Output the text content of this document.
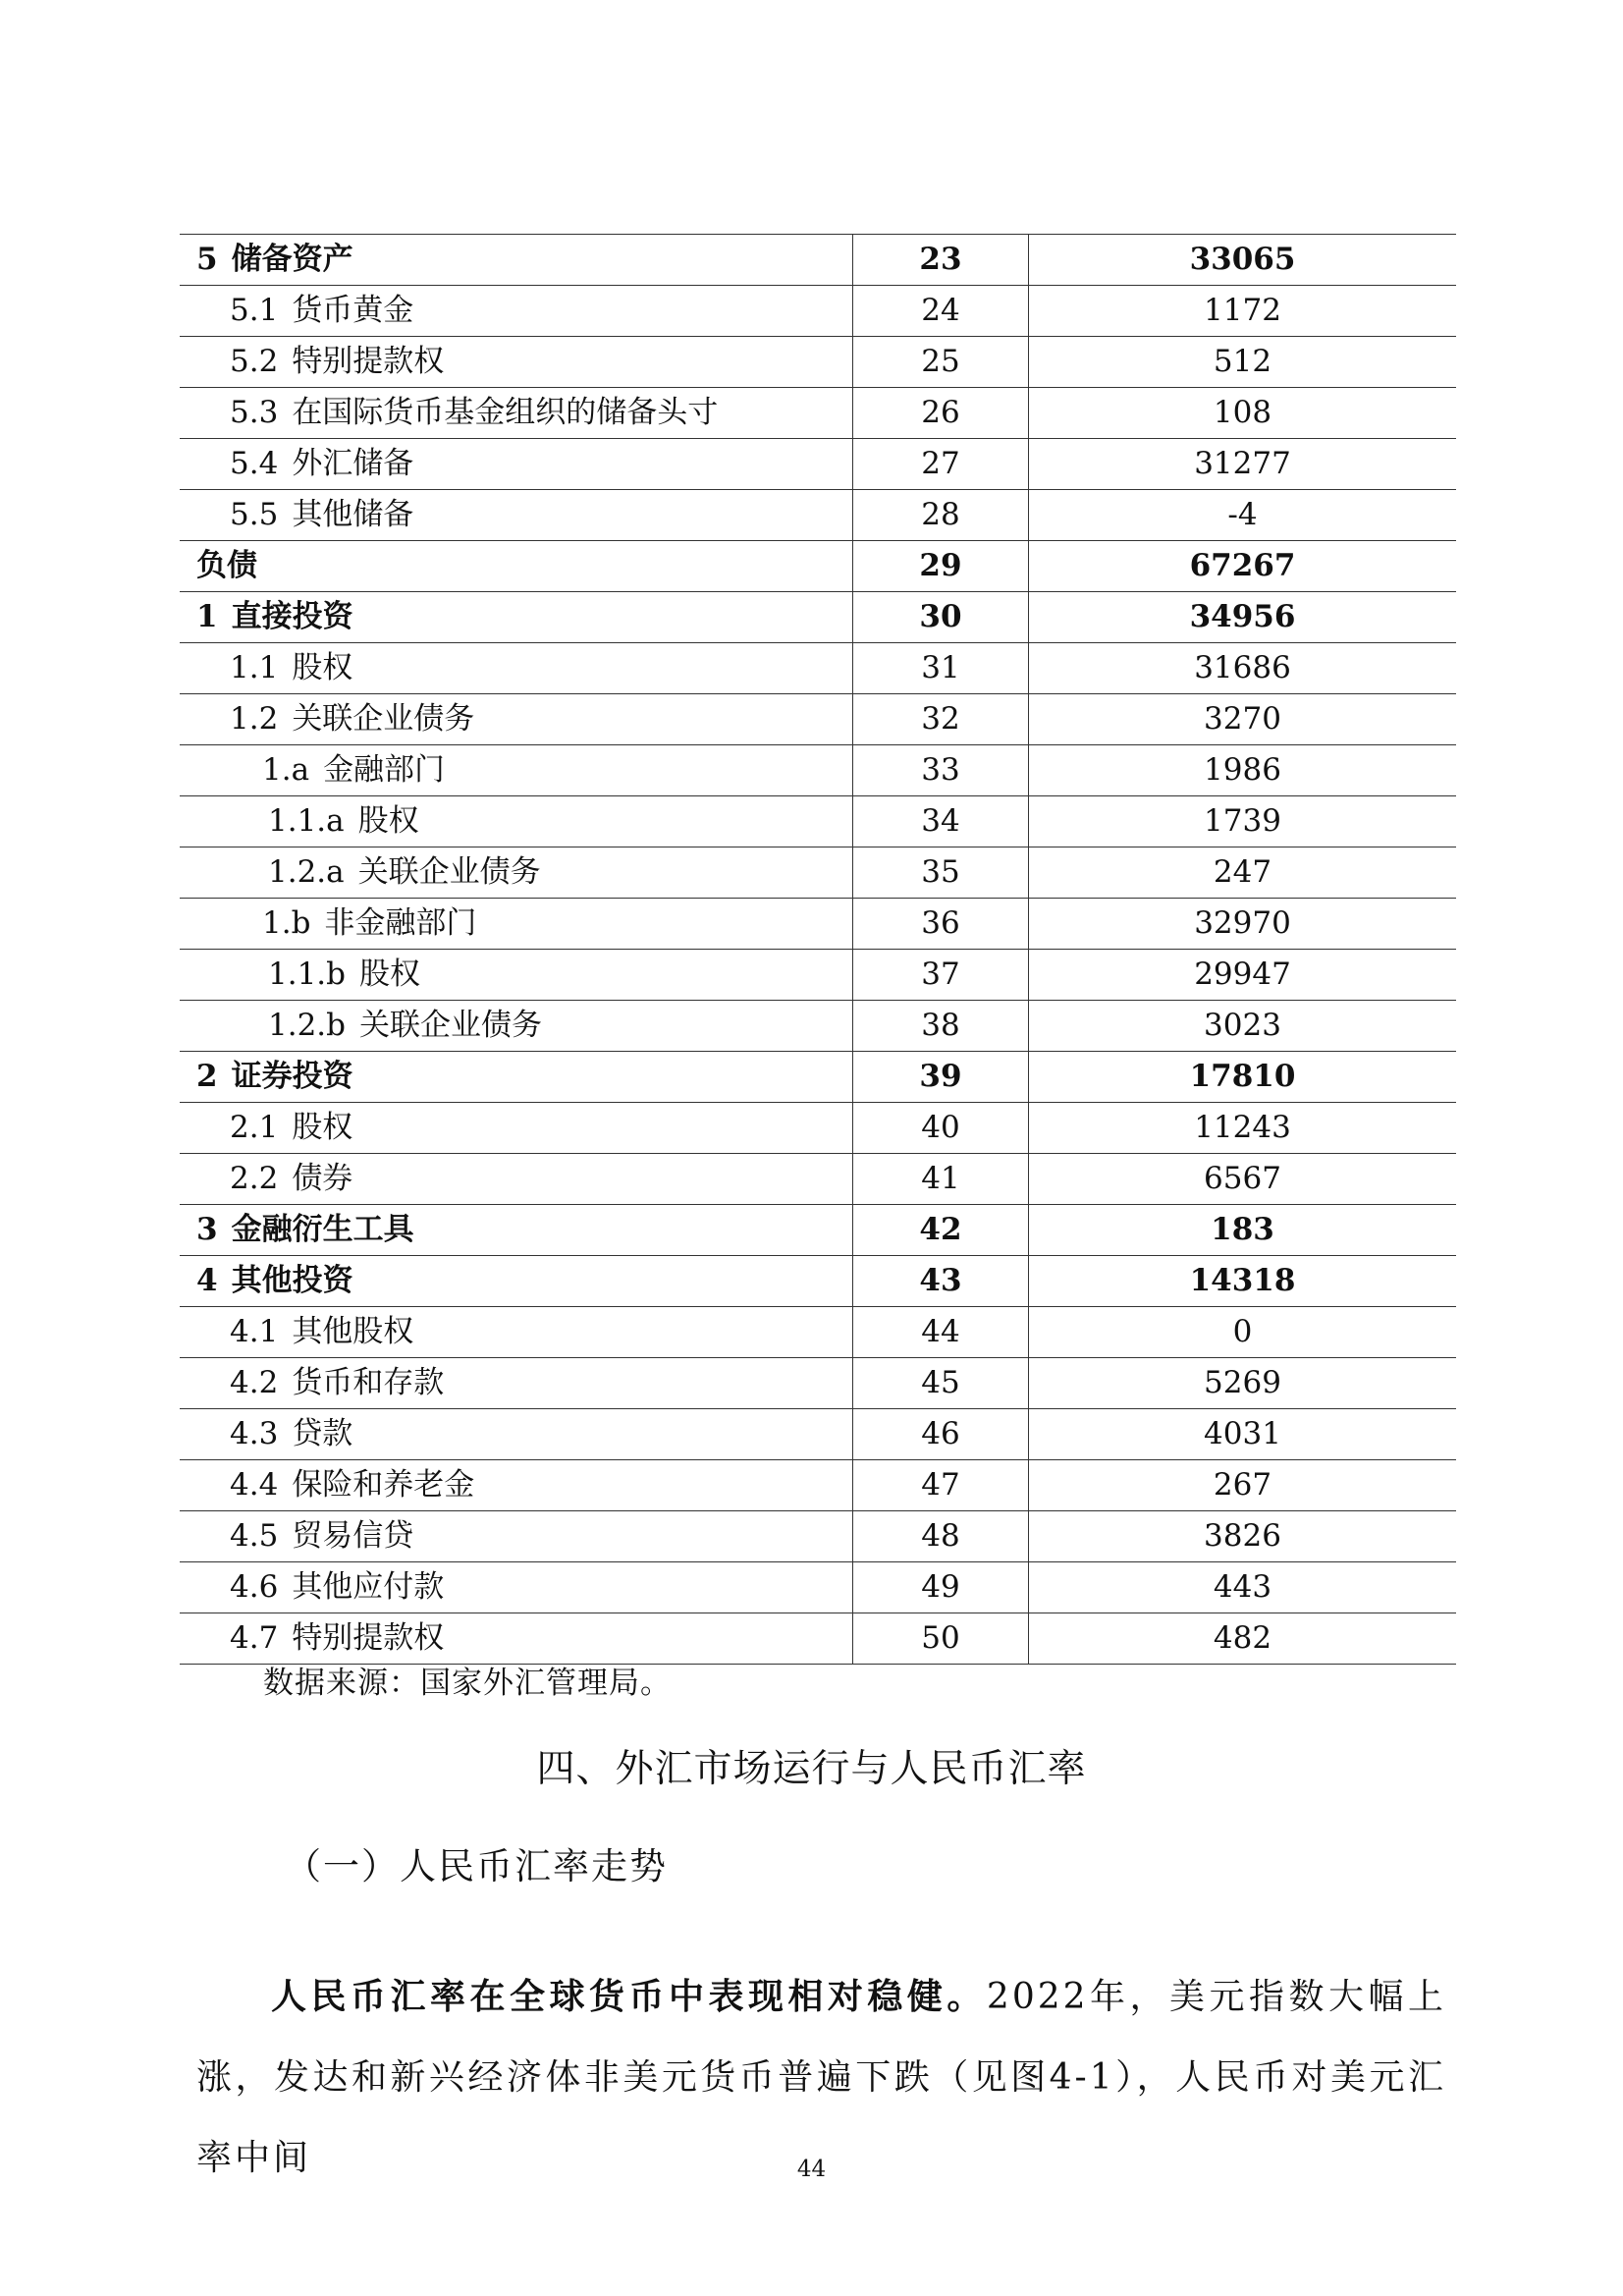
5 储备资产	23	33065
5.1 货币黄金	24	1172
5.2 特别提款权	25	512
5.3 在国际货币基金组织的储备头寸	26	108
5.4 外汇储备	27	31277
5.5 其他储备	28	-4
负债	29	67267
1 直接投资	30	34956
1.1 股权	31	31686
1.2 关联企业债务	32	3270
1.a 金融部门	33	1986
1.1.a 股权	34	1739
1.2.a 关联企业债务	35	247
1.b 非金融部门	36	32970
1.1.b 股权	37	29947
1.2.b 关联企业债务	38	3023
2 证券投资	39	17810
2.1 股权	40	11243
2.2 债券	41	6567
3 金融衍生工具	42	183
4 其他投资	43	14318
4.1 其他股权	44	0
4.2 货币和存款	45	5269
4.3 贷款	46	4031
4.4 保险和养老金	47	267
4.5 贸易信贷	48	3826
4.6 其他应付款	49	443
4.7 特别提款权	50	482
数据来源：国家外汇管理局。
四、外汇市场运行与人民币汇率
（一）人民币汇率走势

人民币汇率在全球货币中表现相对稳健。2022年，美元指数大幅上涨，发达和新兴经济体非美元货币普遍下跌（见图4-1），人民币对美元汇率中间	44
